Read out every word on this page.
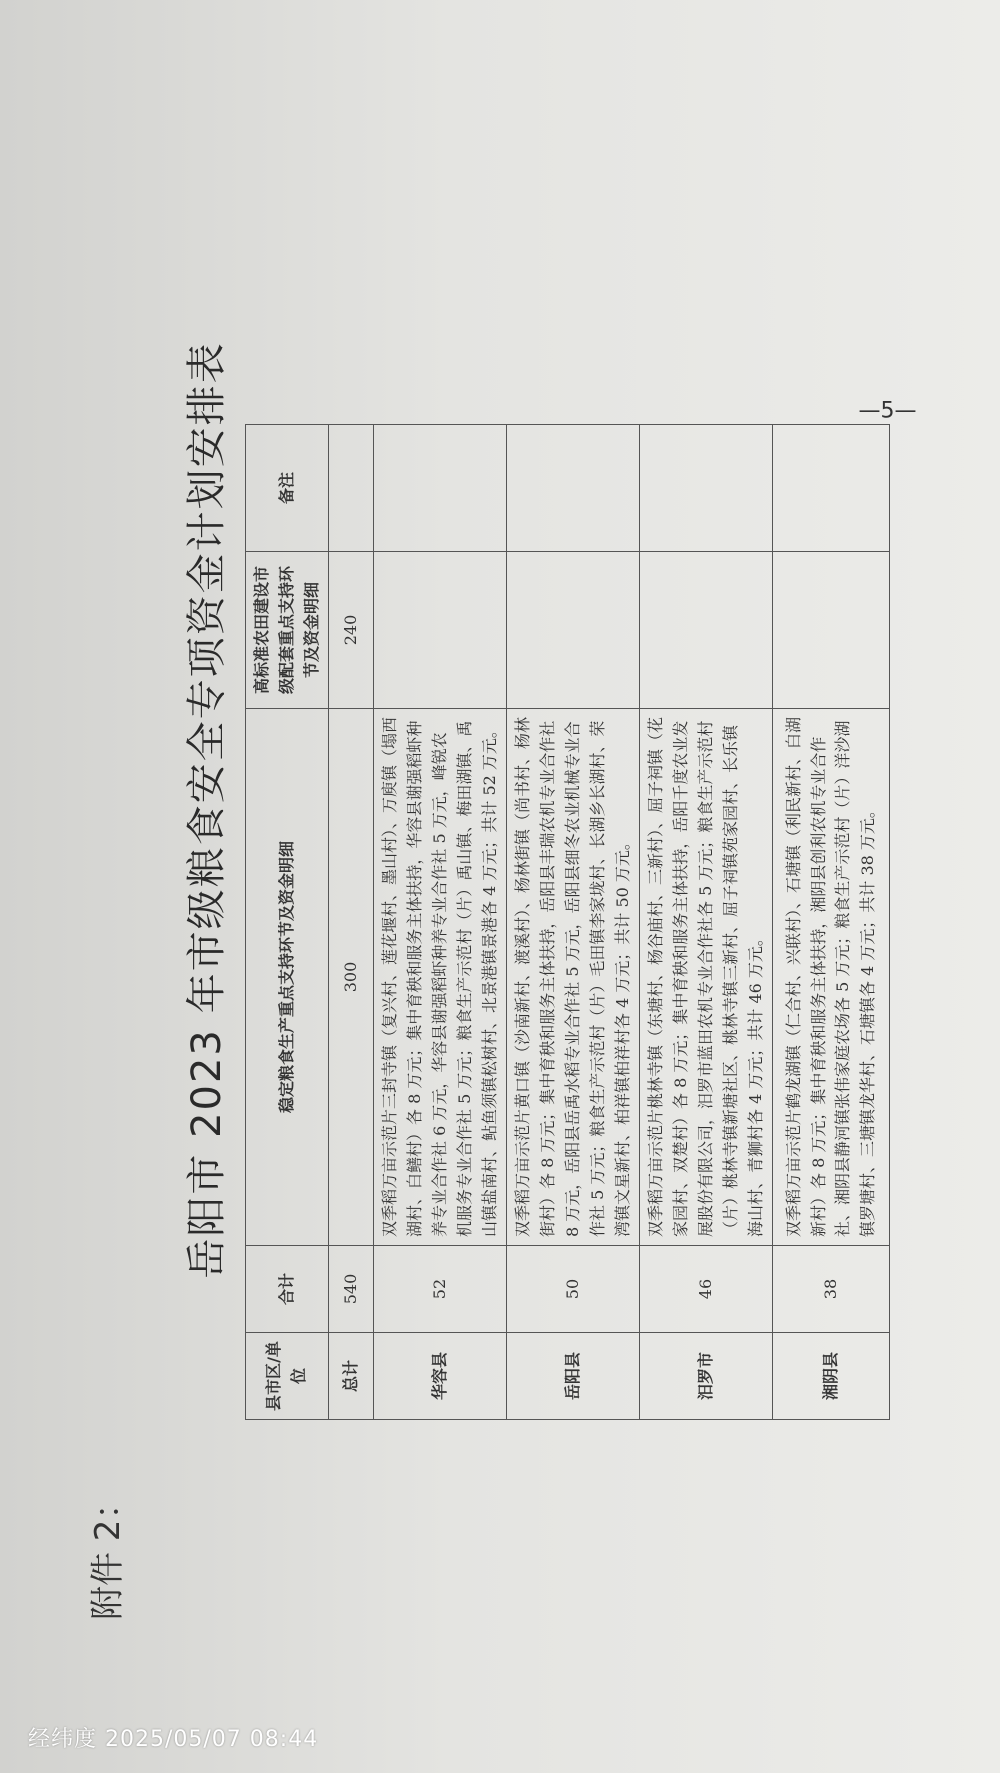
附件 2：
岳阳市 2023 年市级粮食安全专项资金计划安排表
县市区/单位	合计	稳定粮食生产重点支持环节及资金明细	高标准农田建设市级配套重点支持环节及资金明细	备注
总计	540	300	240	
华容县	52	双季稻万亩示范片三封寺镇（复兴村、莲花堰村、墨山村）、万庾镇（塌西湖村、白鳝村）各 8 万元；集中育秧和服务主体扶持，华容县谢强稻虾种养专业合作社 6 万元，华容县谢强稻虾种养专业合作社 5 万元，峰锐农机服务专业合作社 5 万元；粮食生产示范村（片）禹山镇、梅田湖镇、禹山镇盐南村、鲇鱼须镇松树村、北景港镇景港各 4 万元；共计 52 万元。		
岳阳县	50	双季稻万亩示范片黄口镇（沙南新村、渡溪村）、杨林街镇（尚书村、杨林街村）各 8 万元；集中育秧和服务主体扶持，岳阳县丰瑞农机专业合作社 8 万元，岳阳县岳禹水稻专业合作社 5 万元，岳阳县细冬农业机械专业合作社 5 万元；粮食生产示范村（片）毛田镇李家垅村、长湖乡长湖村、荣湾镇文星新村、柏祥镇柏祥村各 4 万元；共计 50 万元。		
汨罗市	46	双季稻万亩示范片桃林寺镇（东塘村、杨谷庙村、三新村）、屈子祠镇（花家园村、双楚村）各 8 万元；集中育秧和服务主体扶持，岳阳千度农业发展股份有限公司，汨罗市蓝田农机专业合作社各 5 万元；粮食生产示范村（片）桃林寺镇新塘社区、桃林寺镇三新村、屈子祠镇苑家园村、长乐镇海山村、青狮村各 4 万元；共计 46 万元。		
湘阴县	38	双季稻万亩示范片鹤龙湖镇（仁合村、兴联村）、石塘镇（利民新村、白湖新村）各 8 万元；集中育秧和服务主体扶持，湘阴县创利农机专业合作社、湘阴县静河镇张伟家庭农场各 5 万元；粮食生产示范村（片）洋沙湖镇罗塘村、三塘镇龙华村、石塘镇各 4 万元；共计 38 万元。		
—5—
经纬度 2025/05/07 08:44
